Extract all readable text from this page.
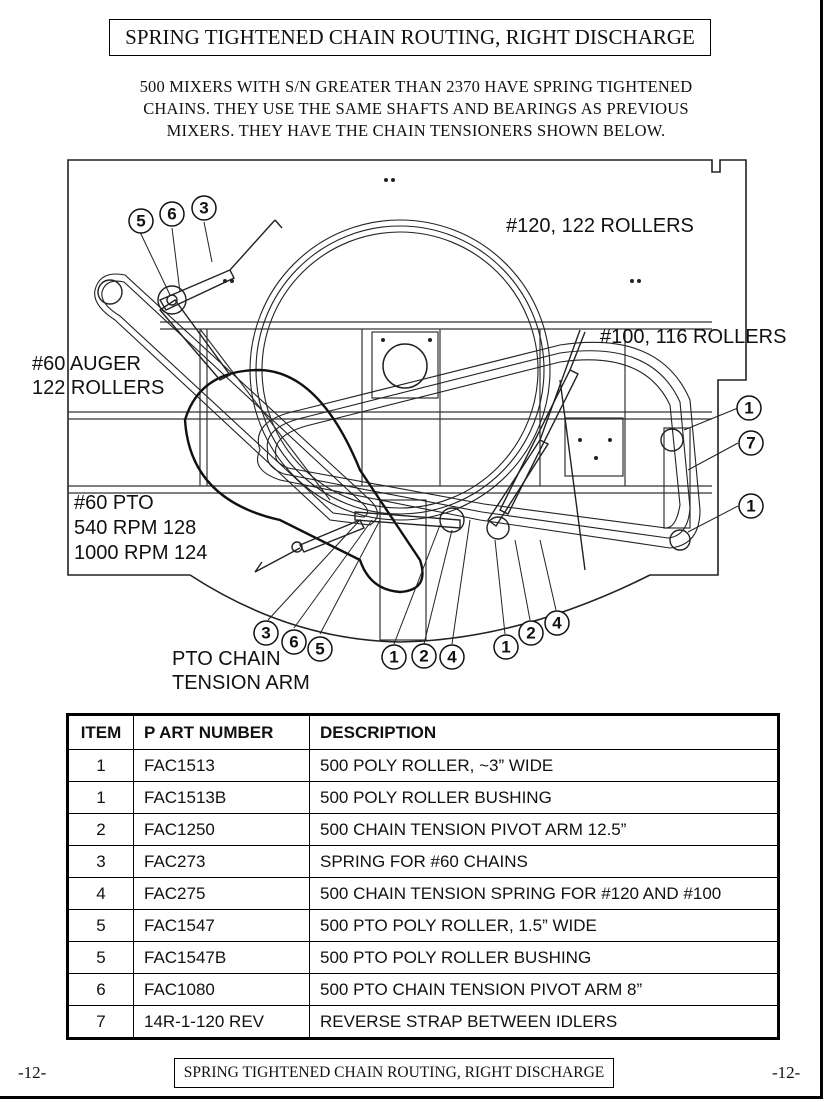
SPRING TIGHTENED CHAIN ROUTING, RIGHT DISCHARGE
500 MIXERS WITH S/N GREATER THAN 2370 HAVE SPRING TIGHTENED
CHAINS. THEY USE THE SAME SHAFTS AND BEARINGS AS PREVIOUS
MIXERS. THEY HAVE THE CHAIN TENSIONERS SHOWN BELOW.
5 6 3
1
7
1
3 6 5	1 2 4
1
2
4
#120, 122 ROLLERS
#100, 116 ROLLERS
#60 AUGER
122 ROLLERS
#60 PTO
540 RPM 128
1000 RPM 124
PTO CHAIN
TENSION ARM
ITEM	P ART NUMBER	DESCRIPTION
1	FAC1513	500 POLY ROLLER, ~3” WIDE
1	FAC1513B	500 POLY ROLLER BUSHING
2	FAC1250	500 CHAIN TENSION PIVOT ARM 12.5”
3	FAC273	SPRING FOR #60 CHAINS
4	FAC275	500 CHAIN TENSION SPRING FOR #120 AND #100
5	FAC1547	500 PTO POLY ROLLER, 1.5” WIDE
5	FAC1547B	500 PTO POLY ROLLER BUSHING
6	FAC1080	500 PTO CHAIN TENSION PIVOT ARM 8”
7	14R-1-120 REV	REVERSE STRAP BETWEEN IDLERS
-12-	SPRING TIGHTENED CHAIN ROUTING, RIGHT DISCHARGE	-12-
